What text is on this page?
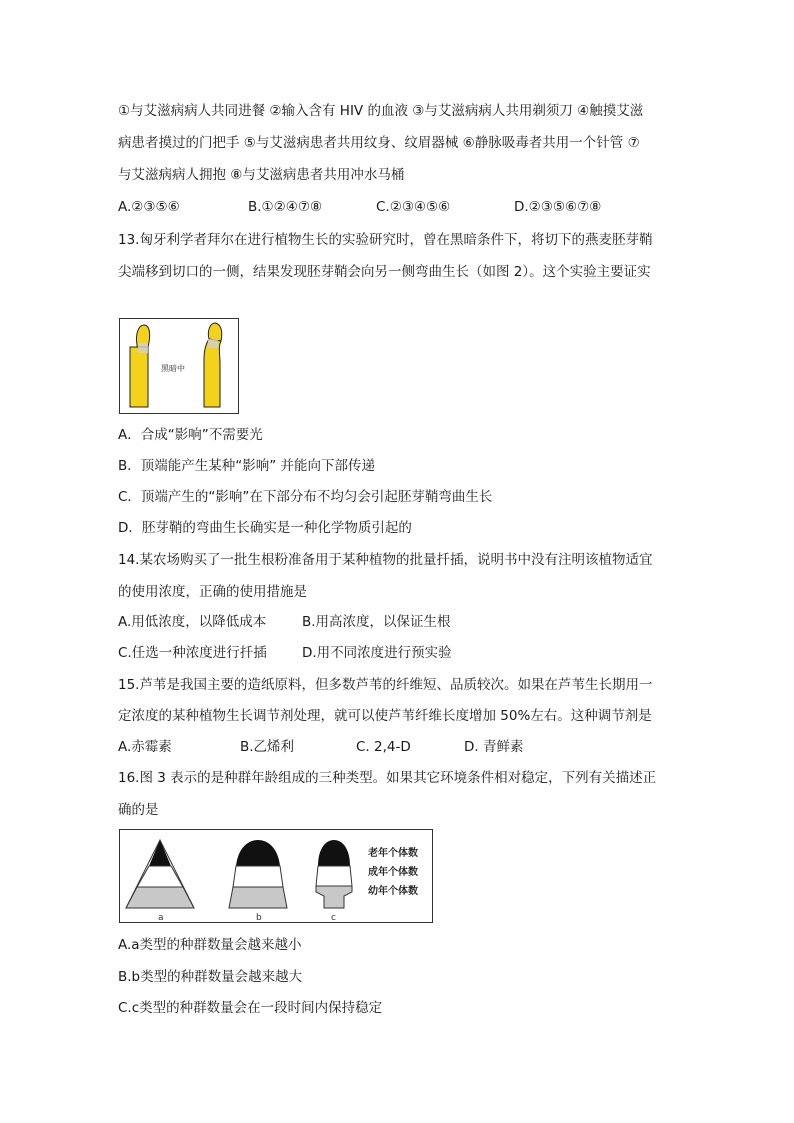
①与艾滋病病人共同进餐 ②输入含有 HIV 的血液 ③与艾滋病病人共用剃须刀 ④触摸艾滋
病患者摸过的门把手 ⑤与艾滋病患者共用纹身、纹眉器械 ⑥静脉吸毒者共用一个针管 ⑦
与艾滋病病人拥抱 ⑧与艾滋病患者共用冲水马桶
A.②③⑤⑥	B.①②④⑦⑧	C.②③④⑤⑥	D.②③⑤⑥⑦⑧
13.匈牙利学者拜尔在进行植物生长的实验研究时，曾在黑暗条件下，将切下的燕麦胚芽鞘
尖端移到切口的一侧，结果发现胚芽鞘会向另一侧弯曲生长（如图 2）。这个实验主要证实
黑暗中
A．合成“影响”不需要光
B．顶端能产生某种“影响” 并能向下部传递
C．顶端产生的“影响”在下部分布不均匀会引起胚芽鞘弯曲生长
D．胚芽鞘的弯曲生长确实是一种化学物质引起的
14.某农场购买了一批生根粉准备用于某种植物的批量扦插，说明书中没有注明该植物适宜
的使用浓度，正确的使用措施是
A.用低浓度，以降低成本	B.用高浓度，以保证生根
C.任选一种浓度进行扦插	D.用不同浓度进行预实验
15.芦苇是我国主要的造纸原料，但多数芦苇的纤维短、品质较次。如果在芦苇生长期用一
定浓度的某种植物生长调节剂处理，就可以使芦苇纤维长度增加 50%左右。这种调节剂是
A.赤霉素	B.乙烯利	C. 2,4-D	D. 青鲜素
16.图 3 表示的是种群年龄组成的三种类型。如果其它环境条件相对稳定，下列有关描述正
确的是
a	b	c
老年个体数
成年个体数
幼年个体数
A.a类型的种群数量会越来越小
B.b类型的种群数量会越来越大
C.c类型的种群数量会在一段时间内保持稳定
